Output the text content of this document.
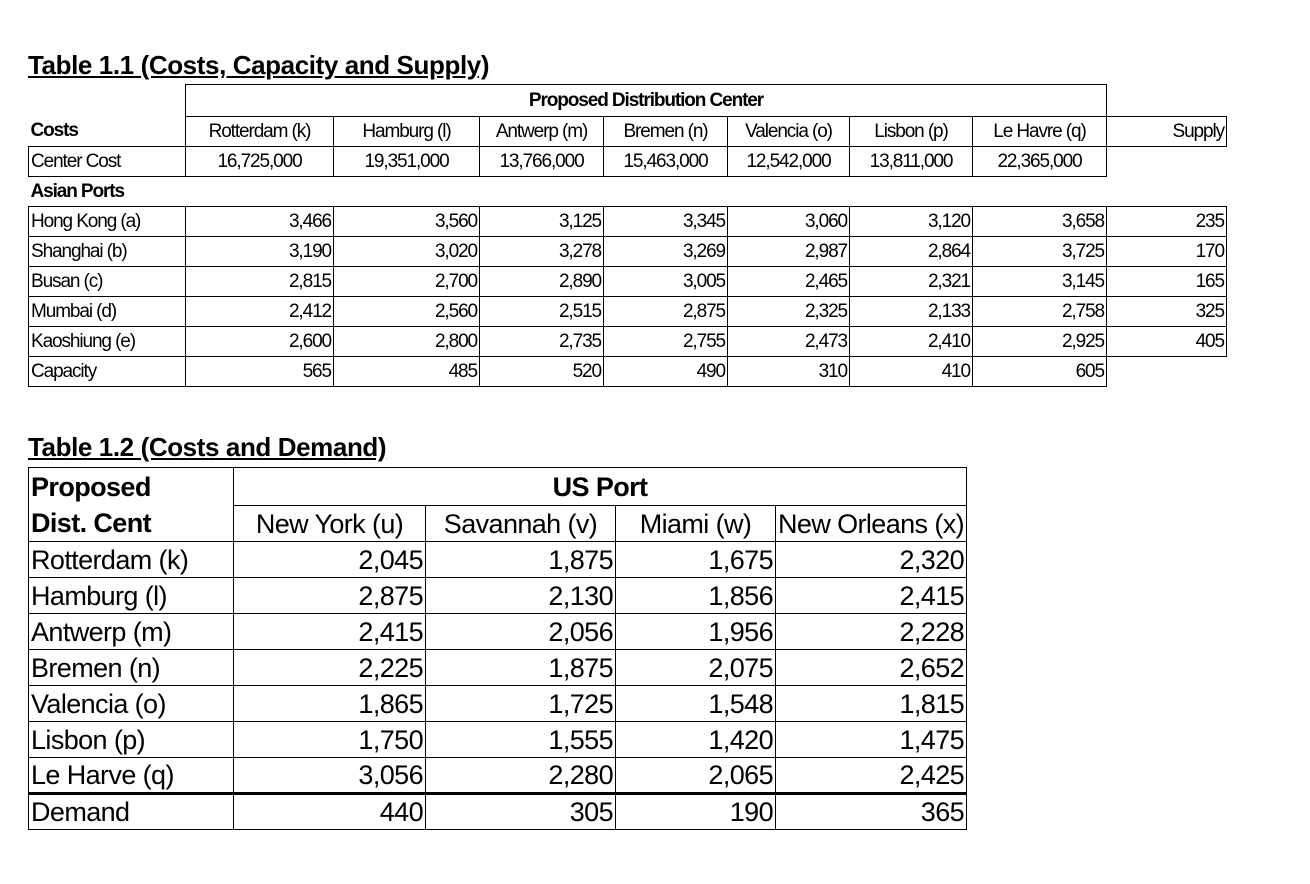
Table 1.1 (Costs, Capacity and Supply)
	Proposed Distribution Center							
Costs	Rotterdam (k)	Hamburg (l)	Antwerp (m)	Bremen (n)	Valencia (o)	Lisbon (p)	Le Havre (q)	Supply
Center Cost	16,725,000	19,351,000	13,766,000	15,463,000	12,542,000	13,811,000	22,365,000	
Asian Ports								
Hong Kong (a)	3,466	3,560	3,125	3,345	3,060	3,120	3,658	235
Shanghai (b)	3,190	3,020	3,278	3,269	2,987	2,864	3,725	170
Busan (c)	2,815	2,700	2,890	3,005	2,465	2,321	3,145	165
Mumbai (d)	2,412	2,560	2,515	2,875	2,325	2,133	2,758	325
Kaoshiung (e)	2,600	2,800	2,735	2,755	2,473	2,410	2,925	405
Capacity	565	485	520	490	310	410	605	
Table 1.2 (Costs and Demand)
Proposed	US Port			
Dist. Cent	New York (u)	Savannah (v)	Miami (w)	New Orleans (x)
Rotterdam (k)	2,045	1,875	1,675	2,320
Hamburg (l)	2,875	2,130	1,856	2,415
Antwerp (m)	2,415	2,056	1,956	2,228
Bremen (n)	2,225	1,875	2,075	2,652
Valencia (o)	1,865	1,725	1,548	1,815
Lisbon (p)	1,750	1,555	1,420	1,475
Le Harve (q)	3,056	2,280	2,065	2,425
Demand	440	305	190	365
